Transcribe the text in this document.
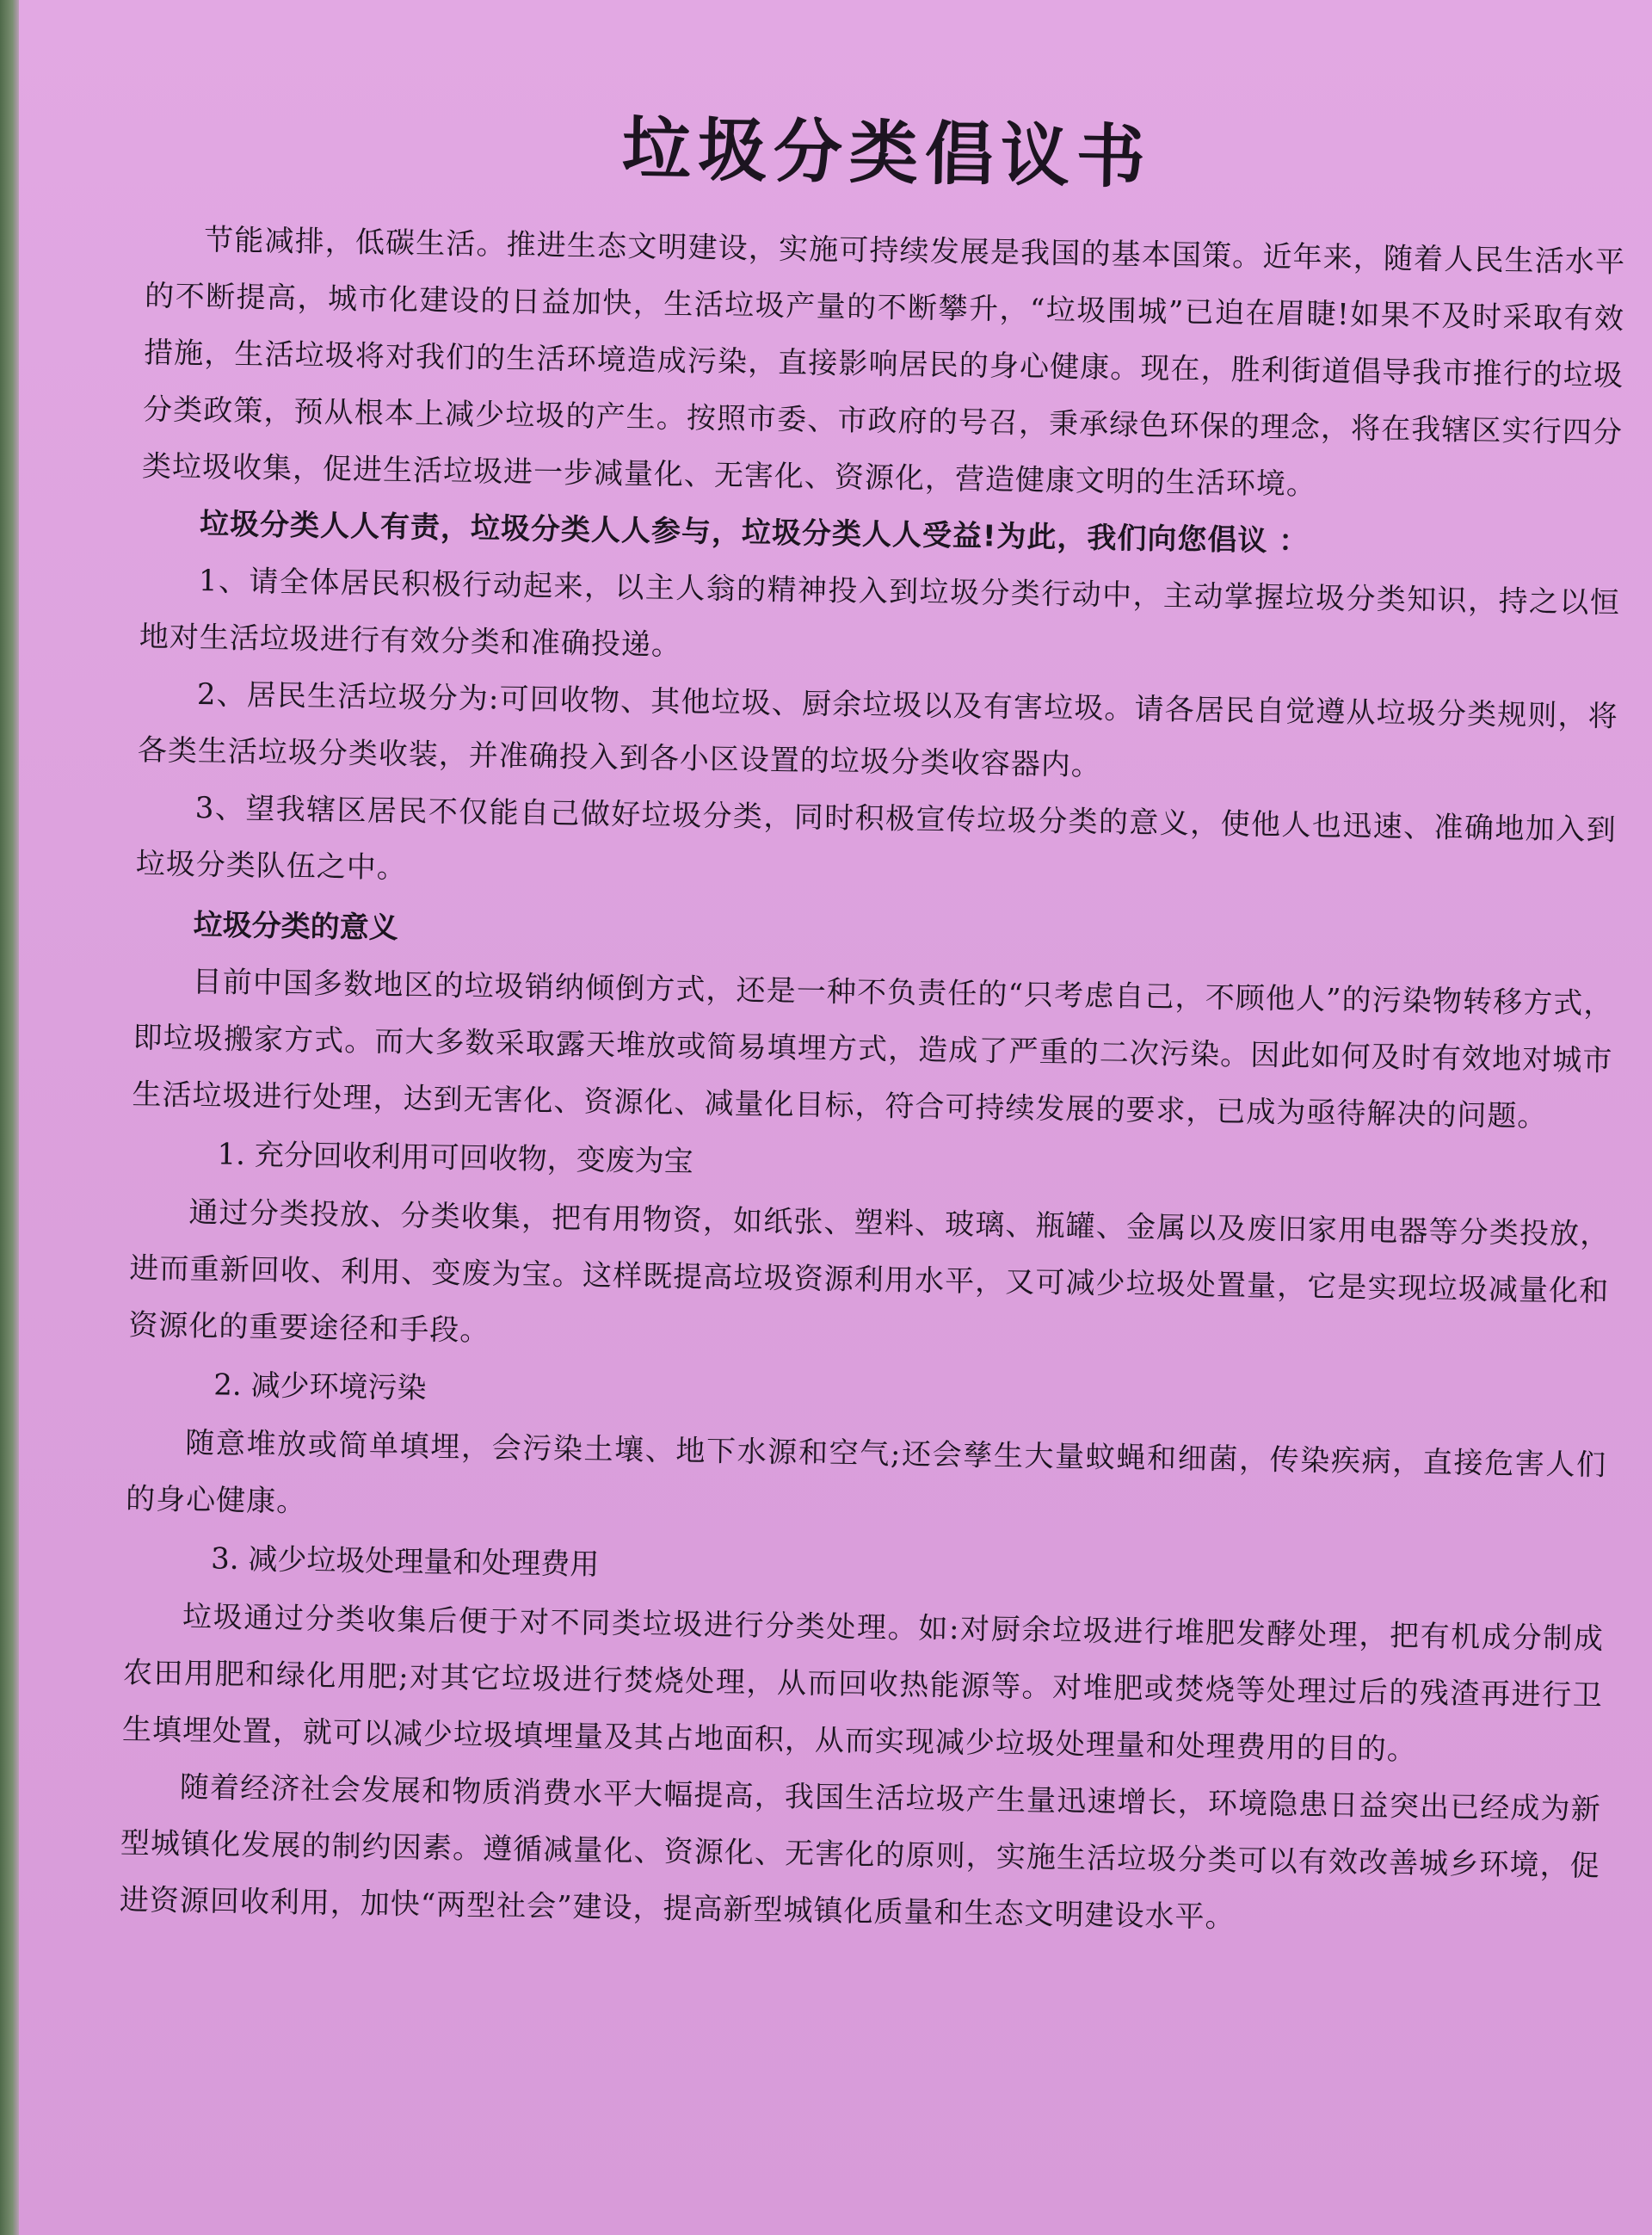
垃圾分类倡议书

节能减排，低碳生活。推进生态文明建设，实施可持续发展是我国的基本国策。近年来，随着人民生活水平的不断提高，城市化建设的日益加快，生活垃圾产量的不断攀升，“垃圾围城”已迫在眉睫!如果不及时采取有效措施，生活垃圾将对我们的生活环境造成污染，直接影响居民的身心健康。现在，胜利街道倡导我市推行的垃圾分类政策，预从根本上减少垃圾的产生。按照市委、市政府的号召，秉承绿色环保的理念，将在我辖区实行四分类垃圾收集，促进生活垃圾进一步减量化、无害化、资源化，营造健康文明的生活环境。

垃圾分类人人有责，垃圾分类人人参与，垃圾分类人人受益!为此，我们向您倡议 ：

1、请全体居民积极行动起来，以主人翁的精神投入到垃圾分类行动中，主动掌握垃圾分类知识，持之以恒地对生活垃圾进行有效分类和准确投递。

2、居民生活垃圾分为:可回收物、其他垃圾、厨余垃圾以及有害垃圾。请各居民自觉遵从垃圾分类规则，将各类生活垃圾分类收装，并准确投入到各小区设置的垃圾分类收容器内。

3、望我辖区居民不仅能自己做好垃圾分类，同时积极宣传垃圾分类的意义，使他人也迅速、准确地加入到垃圾分类队伍之中。

垃圾分类的意义

目前中国多数地区的垃圾销纳倾倒方式，还是一种不负责任的“只考虑自己，不顾他人”的污染物转移方式，即垃圾搬家方式。而大多数采取露天堆放或简易填埋方式，造成了严重的二次污染。因此如何及时有效地对城市生活垃圾进行处理，达到无害化、资源化、减量化目标，符合可持续发展的要求，已成为亟待解决的问题。

1. 充分回收利用可回收物，变废为宝

通过分类投放、分类收集，把有用物资，如纸张、塑料、玻璃、瓶罐、金属以及废旧家用电器等分类投放，进而重新回收、利用、变废为宝。这样既提高垃圾资源利用水平，又可减少垃圾处置量，它是实现垃圾减量化和资源化的重要途径和手段。

2. 减少环境污染

随意堆放或简单填埋，会污染土壤、地下水源和空气;还会孳生大量蚊蝇和细菌，传染疾病，直接危害人们的身心健康。

3. 减少垃圾处理量和处理费用

垃圾通过分类收集后便于对不同类垃圾进行分类处理。如:对厨余垃圾进行堆肥发酵处理，把有机成分制成农田用肥和绿化用肥;对其它垃圾进行焚烧处理，从而回收热能源等。对堆肥或焚烧等处理过后的残渣再进行卫生填埋处置，就可以减少垃圾填埋量及其占地面积，从而实现减少垃圾处理量和处理费用的目的。

随着经济社会发展和物质消费水平大幅提高，我国生活垃圾产生量迅速增长，环境隐患日益突出已经成为新型城镇化发展的制约因素。遵循减量化、资源化、无害化的原则，实施生活垃圾分类可以有效改善城乡环境，促进资源回收利用，加快“两型社会”建设，提高新型城镇化质量和生态文明建设水平。
